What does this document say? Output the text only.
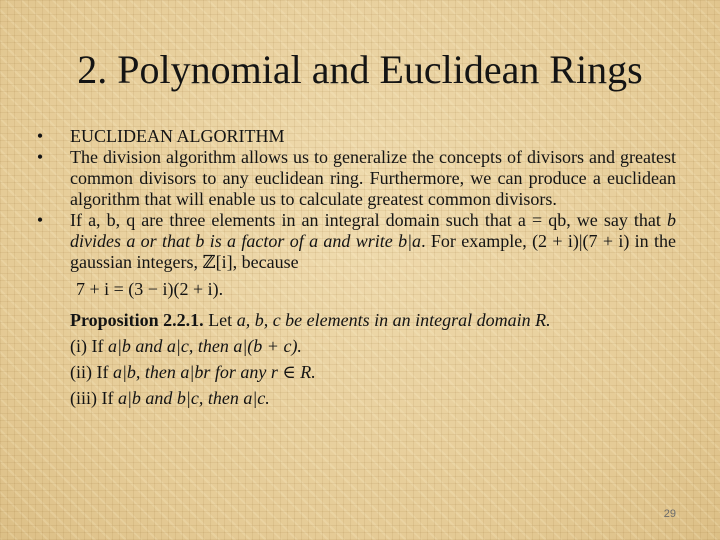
2. Polynomial and Euclidean Rings
•	EUCLIDEAN ALGORITHM
•	The division algorithm allows us to generalize the concepts of divisors and greatest common divisors to any euclidean ring. Furthermore, we can produce a euclidean algorithm that will enable us to calculate greatest common divisors.
•	If a, b, q are three elements in an integral domain such that a = qb, we say that b divides a or that b is a factor of a and write b|a. For example, (2 + i)|(7 + i) in the gaussian integers, ℤ[i], because
7 + i = (3 − i)(2 + i).
Proposition 2.2.1. Let a, b, c be elements in an integral domain R.
(i) If a|b and a|c, then a|(b + c).
(ii) If a|b, then a|br for any r ∈ R.
(iii) If a|b and b|c, then a|c.
29
